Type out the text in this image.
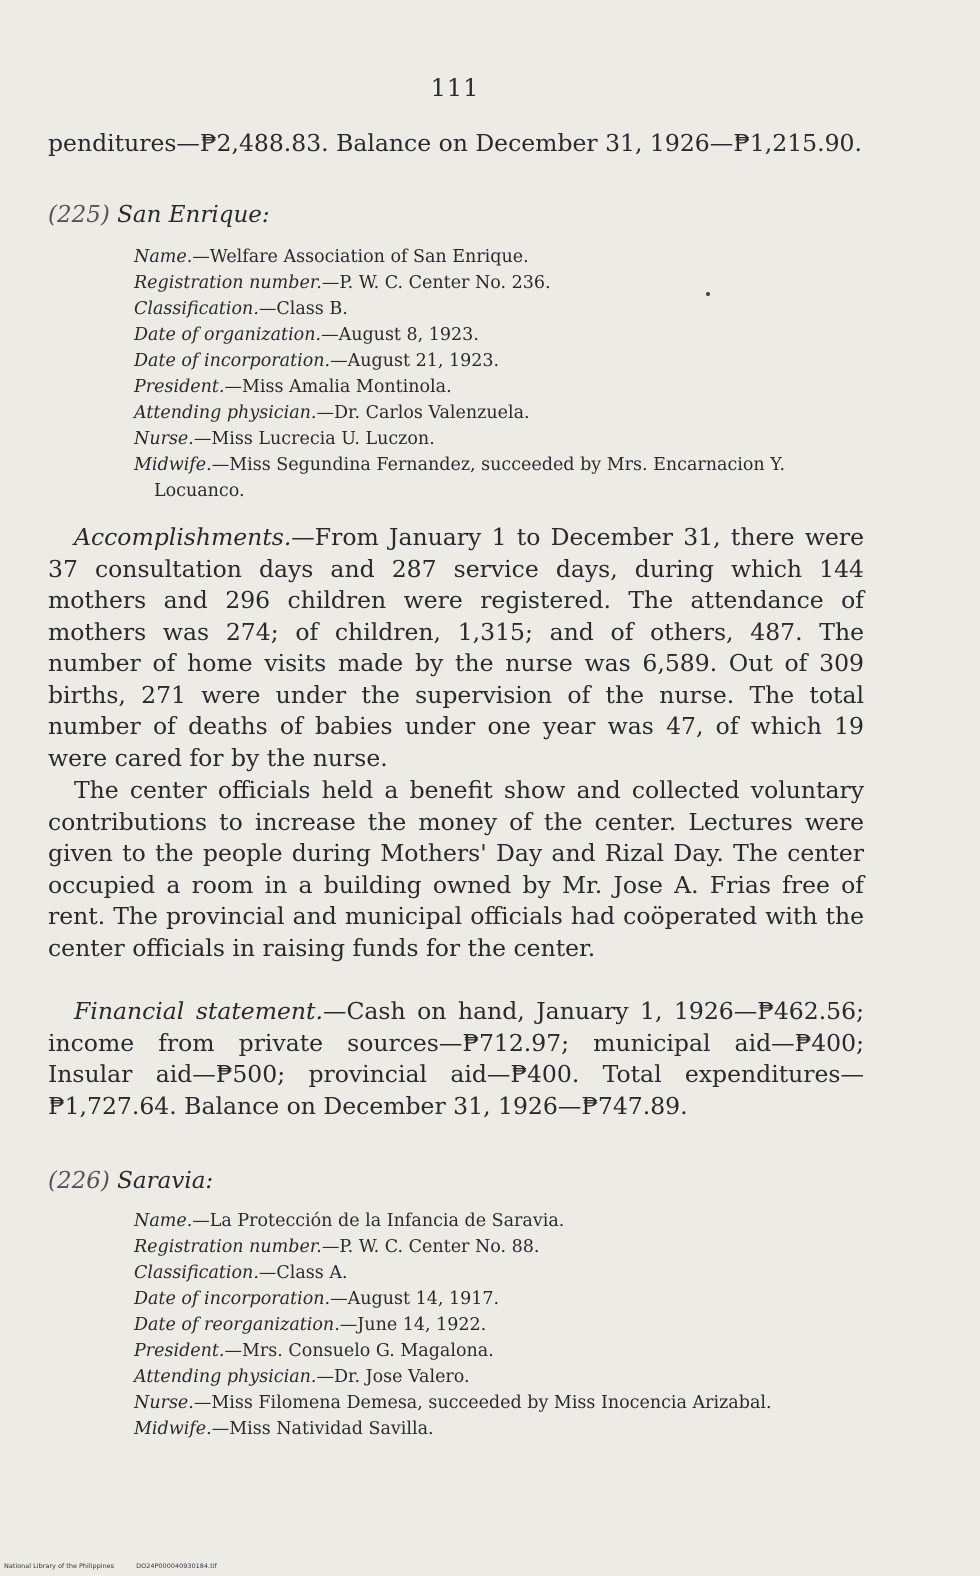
111

penditures—₱2,488.83. Balance on December 31, 1926—₱1,215.90.

(225) San Enrique:
Name.—Welfare Association of San Enrique.
Registration number.—P. W. C. Center No. 236.
Classification.—Class B.
Date of organization.—August 8, 1923.
Date of incorporation.—August 21, 1923.
President.—Miss Amalia Montinola.
Attending physician.—Dr. Carlos Valenzuela.
Nurse.—Miss Lucrecia U. Luczon.
Midwife.—Miss Segundina Fernandez, succeeded by Mrs. Encarnacion Y. Locuanco.

Accomplishments.—From January 1 to December 31, there were 37 consultation days and 287 service days, during which 144 mothers and 296 children were registered. The attendance of mothers was 274; of children, 1,315; and of others, 487. The number of home visits made by the nurse was 6,589. Out of 309 births, 271 were under the supervision of the nurse. The total number of deaths of babies under one year was 47, of which 19 were cared for by the nurse.

The center officials held a benefit show and collected voluntary contributions to increase the money of the center. Lectures were given to the people during Mothers' Day and Rizal Day. The center occupied a room in a building owned by Mr. Jose A. Frias free of rent. The provincial and municipal officials had coöperated with the center officials in raising funds for the center.

Financial statement.—Cash on hand, January 1, 1926—₱462.56; income from private sources—₱712.97; municipal aid—₱400; Insular aid—₱500; provincial aid—₱400. Total expenditures—₱1,727.64. Balance on December 31, 1926—₱747.89.

(226) Saravia:
Name.—La Protección de la Infancia de Saravia.
Registration number.—P. W. C. Center No. 88.
Classification.—Class A.
Date of incorporation.—August 14, 1917.
Date of reorganization.—June 14, 1922.
President.—Mrs. Consuelo G. Magalona.
Attending physician.—Dr. Jose Valero.
Nurse.—Miss Filomena Demesa, succeeded by Miss Inocencia Arizabal.
Midwife.—Miss Natividad Savilla.
National Library of the Philippines	DO24P000040930184.tif
